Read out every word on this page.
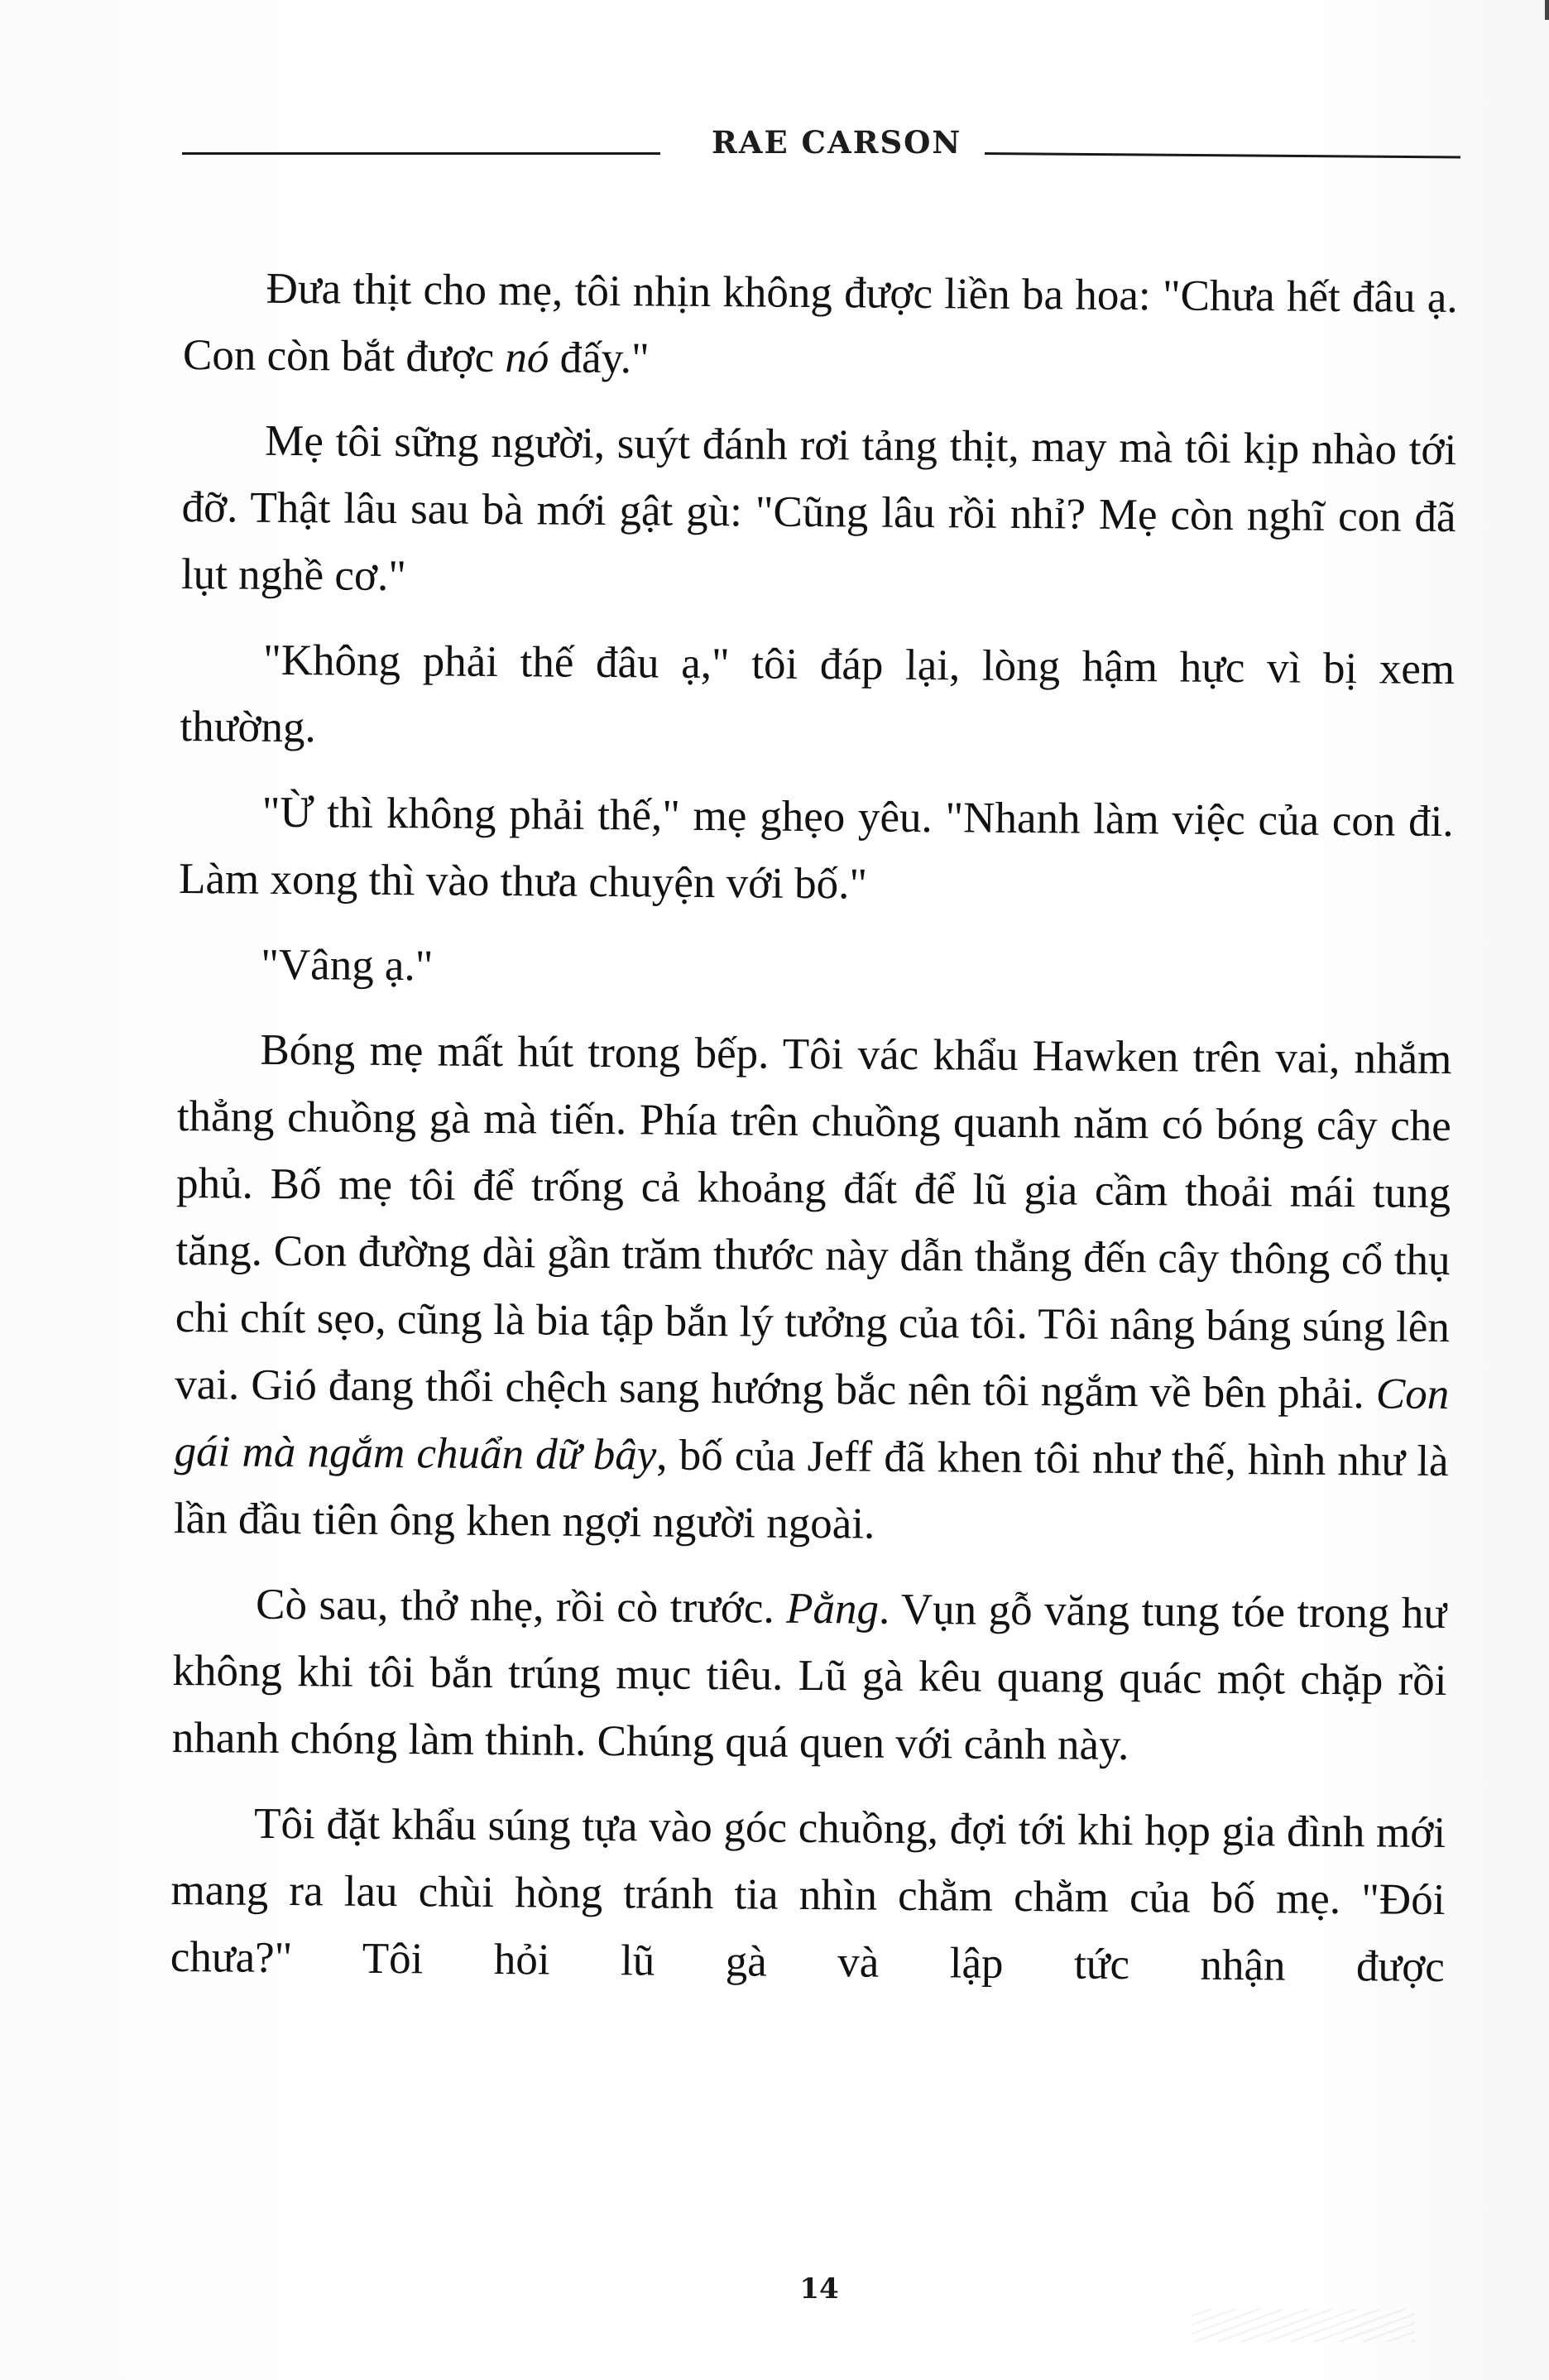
RAE CARSON

Đưa thịt cho mẹ, tôi nhịn không được liền ba hoa: "Chưa hết đâu ạ. Con còn bắt được nó đấy."

Mẹ tôi sững người, suýt đánh rơi tảng thịt, may mà tôi kịp nhào tới đỡ. Thật lâu sau bà mới gật gù: "Cũng lâu rồi nhỉ? Mẹ còn nghĩ con đã lụt nghề cơ."

"Không phải thế đâu ạ," tôi đáp lại, lòng hậm hực vì bị xem thường.

"Ừ thì không phải thế," mẹ ghẹo yêu. "Nhanh làm việc của con đi. Làm xong thì vào thưa chuyện với bố."

"Vâng ạ."

Bóng mẹ mất hút trong bếp. Tôi vác khẩu Hawken trên vai, nhắm thẳng chuồng gà mà tiến. Phía trên chuồng quanh năm có bóng cây che phủ. Bố mẹ tôi để trống cả khoảng đất để lũ gia cầm thoải mái tung tăng. Con đường dài gần trăm thước này dẫn thẳng đến cây thông cổ thụ chi chít sẹo, cũng là bia tập bắn lý tưởng của tôi. Tôi nâng báng súng lên vai. Gió đang thổi chệch sang hướng bắc nên tôi ngắm về bên phải. Con gái mà ngắm chuẩn dữ bây, bố của Jeff đã khen tôi như thế, hình như là lần đầu tiên ông khen ngợi người ngoài.

Cò sau, thở nhẹ, rồi cò trước. Pằng. Vụn gỗ văng tung tóe trong hư không khi tôi bắn trúng mục tiêu. Lũ gà kêu quang quác một chặp rồi nhanh chóng làm thinh. Chúng quá quen với cảnh này.

Tôi đặt khẩu súng tựa vào góc chuồng, đợi tới khi họp gia đình mới mang ra lau chùi hòng tránh tia nhìn chằm chằm của bố mẹ. "Đói chưa?" Tôi hỏi lũ gà và lập tức nhận được

14
